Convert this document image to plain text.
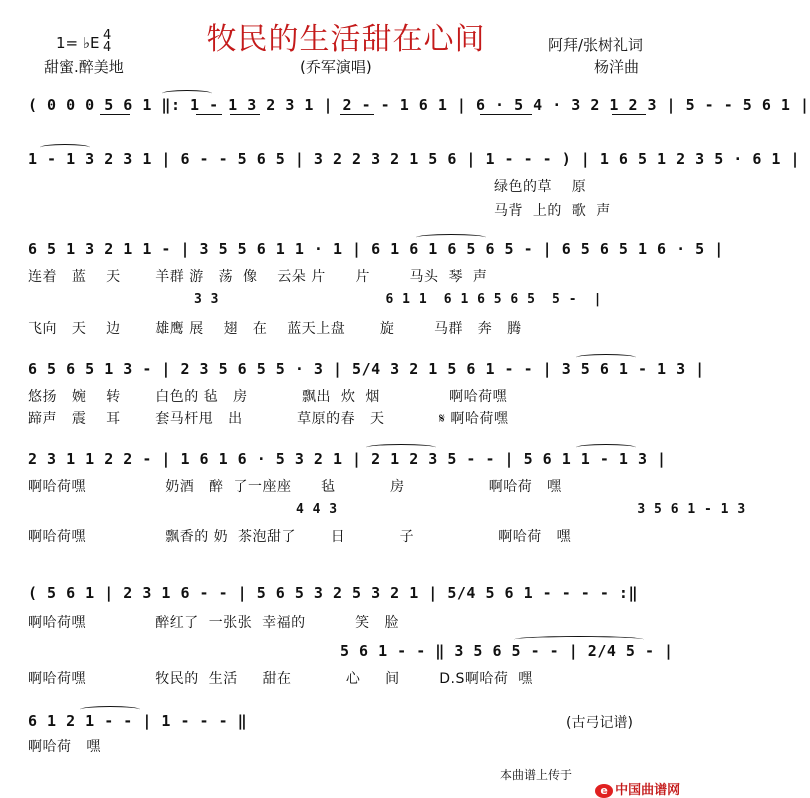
牧民的生活甜在心间
1= ♭E 4
4
甜蜜.醉美地	(乔军演唱)
阿拜/张树礼词
杨洋曲
( 0 0 0 5 6 1 ‖: 1 - 1 3 2 3 1 | 2 - - 1 6 1 | 6 · 5 4 · 3 2 1 2 3 | 5 - - 5 6 1 |
1 - 1 3 2 3 1 | 6 - - 5 6 5 | 3 2 2 3 2 1 5 6 | 1 - - - ) | 1 6 5 1 2 3 5 · 6 1 |
绿色的草    原
马背  上的  歌  声
6 5 1 3 2 1 1 - | 3 5 5 6 1 1 · 1 | 6 1 6 1 6 5 6 5 - | 6 5 6 5 1 6 · 5 |
连着   蓝    天       羊群 游   荡  像    云朵 片      片        马头  琴  声
3 3                    6 1 1  6 1 6 5 6 5  5 -  |
飞向   天    边       雄鹰 展    翅   在    蓝天上盘       旋        马群   奔   腾
6 5 6 5 1 3 - | 2 3 5 6 5 5 · 3 | 5/4 3 2 1 5 6 1 - - | 3 5 6 1 - 1 3 |
悠扬   婉    转       白色的 毡   房           飘出  炊  烟              啊哈荷嘿
蹄声   震    耳       套马杆甩   出           草原的春   天           𝄋 啊哈荷嘿
2 3 1 1 2 2 - | 1 6 1 6 · 5 3 2 1 | 2 1 2 3 5 - - | 5 6 1 1 - 1 3 |
啊哈荷嘿                奶酒   醉  了一座座      毡           房                 啊哈荷   嘿
4 4 3                                    3 5 6 1 - 1 3
啊哈荷嘿                飘香的 奶  茶泡甜了       日           子                 啊哈荷   嘿
( 5 6 1 | 2 3 1 6 - - | 5 6 5 3 2 5 3 2 1 | 5/4 5 6 1 - - - - :‖
啊哈荷嘿              醉红了  一张张  幸福的          笑   脸
5 6 1 - - ‖ 3 5 6 5 - - | 2/4 5 - |
啊哈荷嘿              牧民的  生活     甜在           心     间        D.S啊哈荷  嘿
6 1 2 1 - - | 1 - - - ‖
啊哈荷   嘿
(古弓记谱)
本曲谱上传于

e 中国曲谱网
